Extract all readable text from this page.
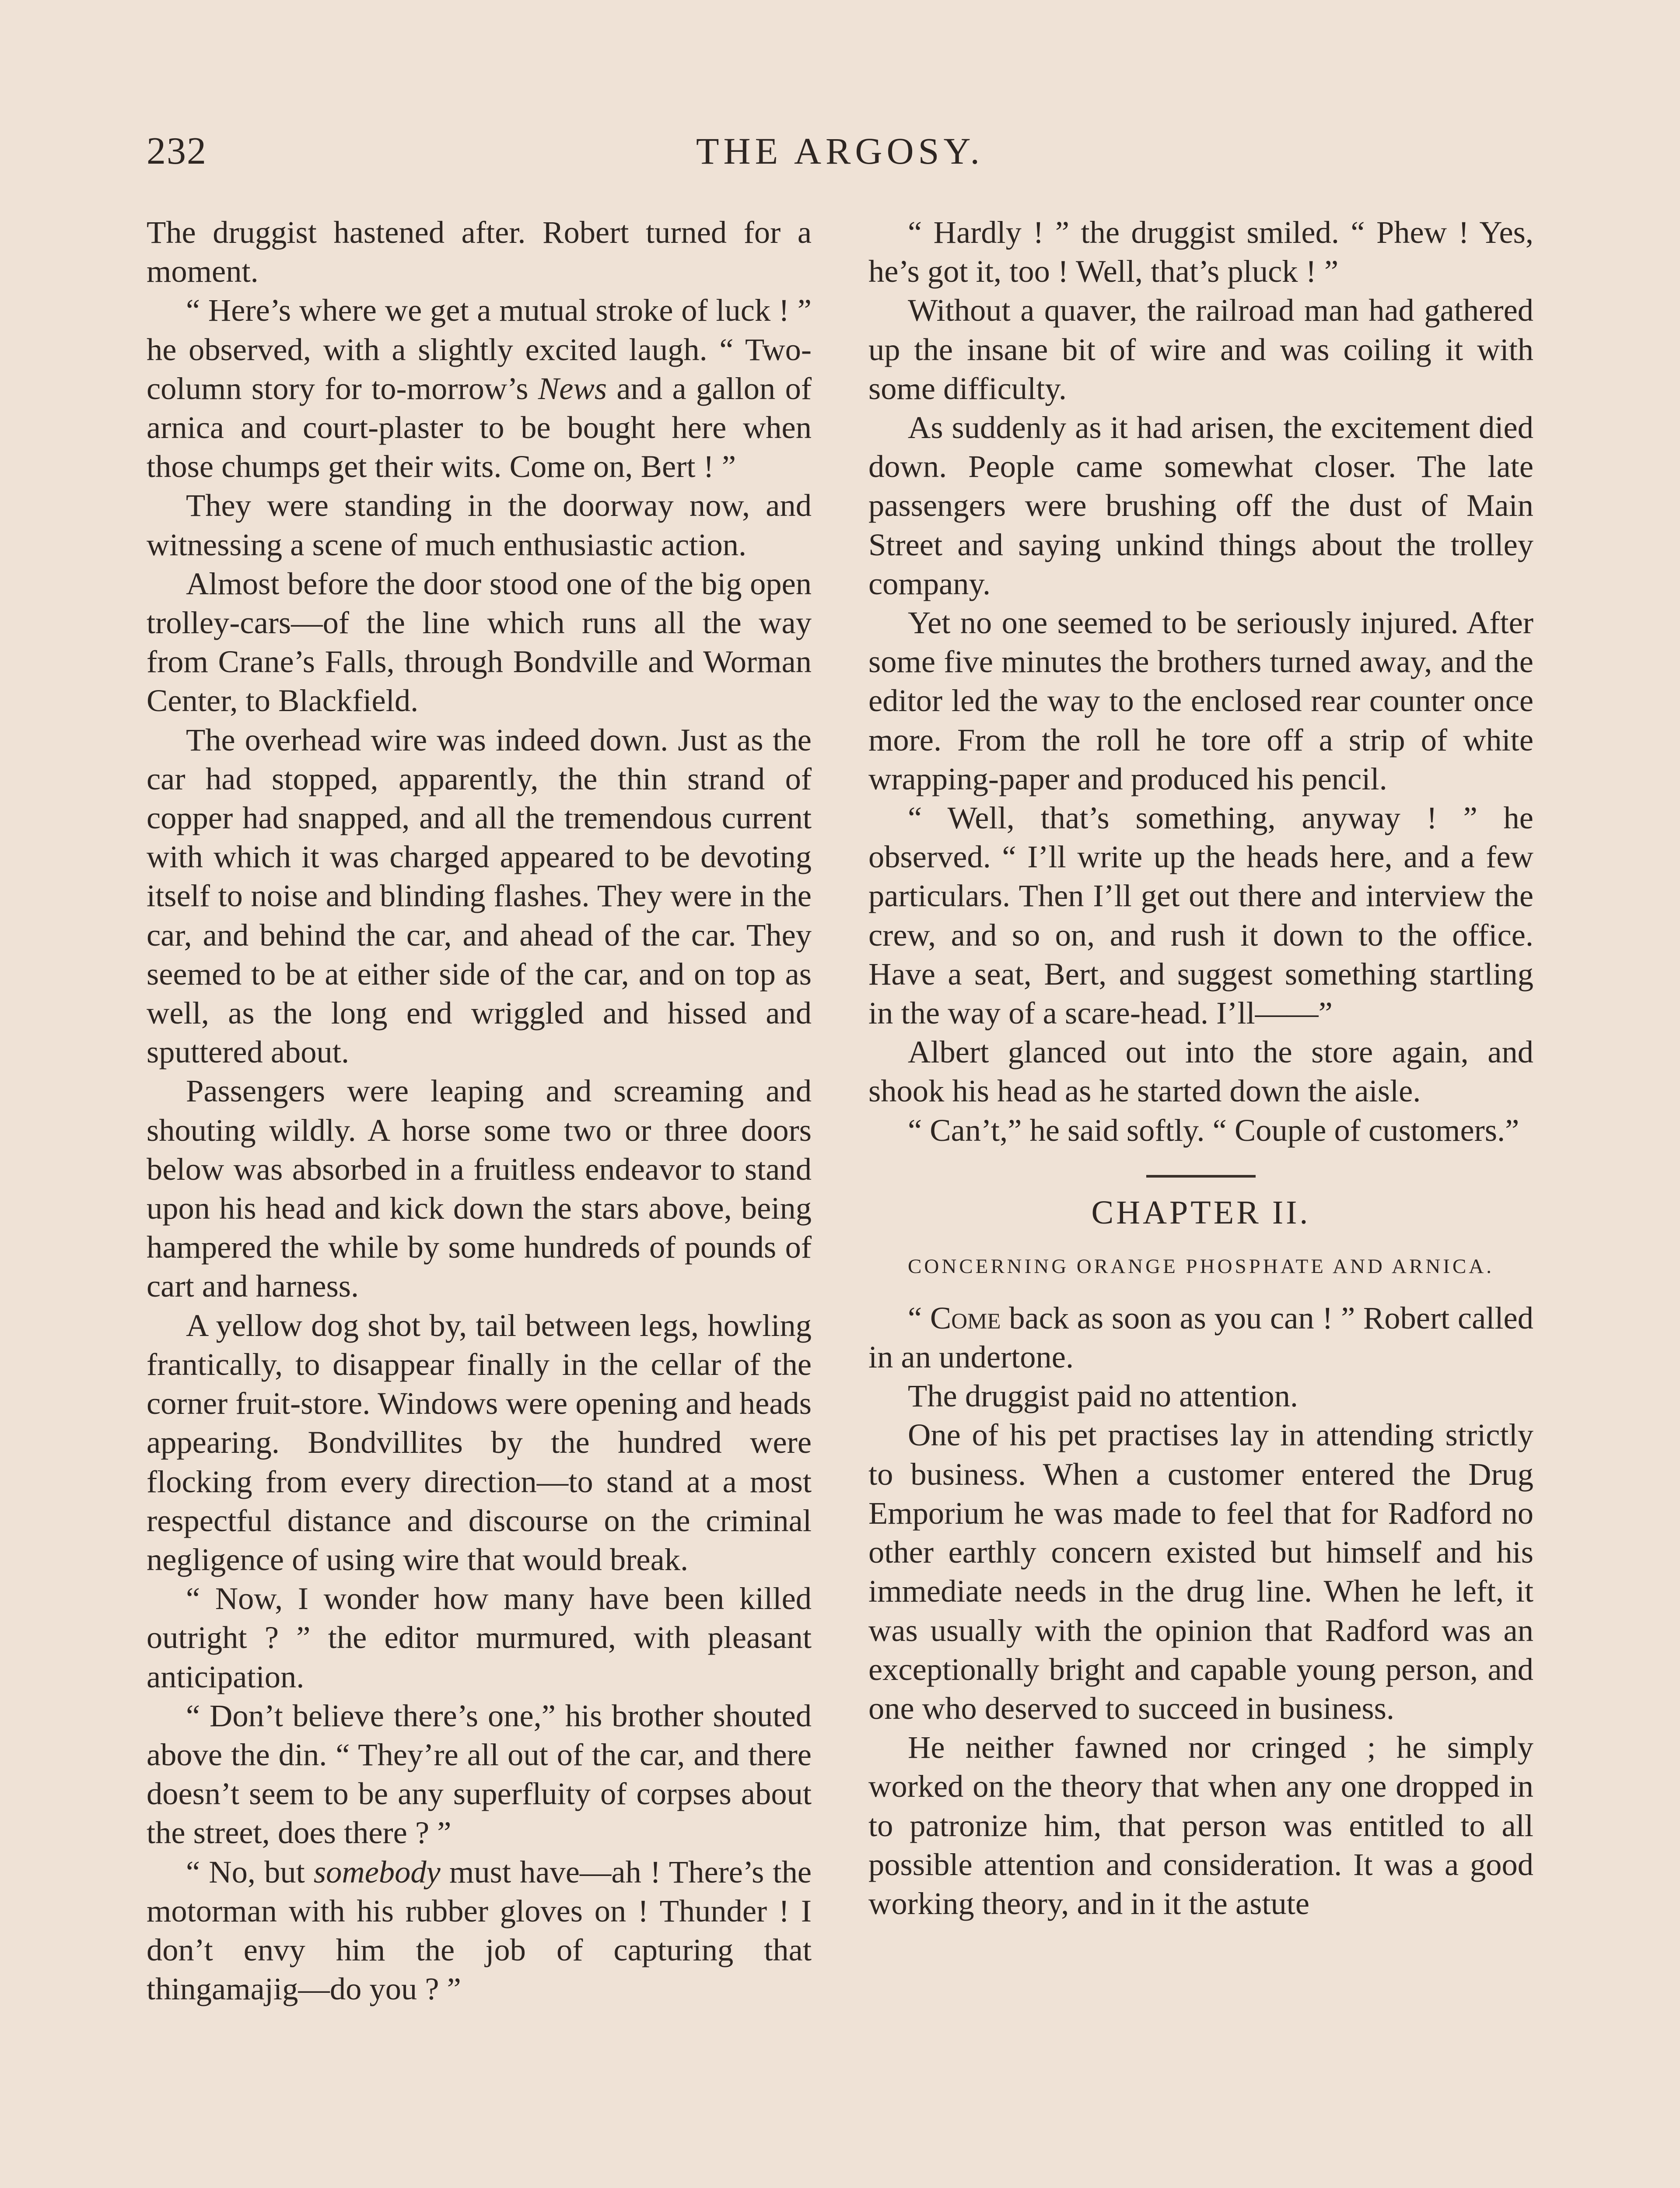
232	THE ARGOSY.

The druggist hastened after. Robert turned for a moment.

“ Here’s where we get a mutual stroke of luck ! ” he observed, with a slightly excited laugh. “ Two-column story for to-morrow’s News and a gallon of arnica and court-plaster to be bought here when those chumps get their wits. Come on, Bert ! ”

They were standing in the doorway now, and witnessing a scene of much enthusiastic action.

Almost before the door stood one of the big open trolley-cars—of the line which runs all the way from Crane’s Falls, through Bondville and Worman Center, to Blackfield.

The overhead wire was indeed down. Just as the car had stopped, apparently, the thin strand of copper had snapped, and all the tremendous current with which it was charged appeared to be devoting itself to noise and blinding flashes. They were in the car, and behind the car, and ahead of the car. They seemed to be at either side of the car, and on top as well, as the long end wriggled and hissed and sputtered about.

Passengers were leaping and screaming and shouting wildly. A horse some two or three doors below was absorbed in a fruitless endeavor to stand upon his head and kick down the stars above, being hampered the while by some hundreds of pounds of cart and harness.

A yellow dog shot by, tail between legs, howling frantically, to disappear finally in the cellar of the corner fruit-store. Windows were opening and heads appearing. Bondvillites by the hundred were flocking from every direction—to stand at a most respectful distance and discourse on the criminal negligence of using wire that would break.

“ Now, I wonder how many have been killed outright ? ” the editor murmured, with pleasant anticipation.

“ Don’t believe there’s one,” his brother shouted above the din. “ They’re all out of the car, and there doesn’t seem to be any superfluity of corpses about the street, does there ? ”

“ No, but somebody must have—ah ! There’s the motorman with his rubber gloves on ! Thunder ! I don’t envy him the job of capturing that thingamajig—do you ? ”

“ Hardly ! ” the druggist smiled. “ Phew ! Yes, he’s got it, too ! Well, that’s pluck ! ”

Without a quaver, the railroad man had gathered up the insane bit of wire and was coiling it with some difficulty.

As suddenly as it had arisen, the excitement died down. People came somewhat closer. The late passengers were brushing off the dust of Main Street and saying unkind things about the trolley company.

Yet no one seemed to be seriously injured. After some five minutes the brothers turned away, and the editor led the way to the enclosed rear counter once more. From the roll he tore off a strip of white wrapping-paper and produced his pencil.

“ Well, that’s something, anyway ! ” he observed. “ I’ll write up the heads here, and a few particulars. Then I’ll get out there and interview the crew, and so on, and rush it down to the office. Have a seat, Bert, and suggest something startling in the way of a scare-head. I’ll——”

Albert glanced out into the store again, and shook his head as he started down the aisle.

“ Can’t,” he said softly. “ Couple of customers.”

CHAPTER II.
CONCERNING ORANGE PHOSPHATE AND ARNICA.

“ Come back as soon as you can ! ” Robert called in an undertone.

The druggist paid no attention.

One of his pet practises lay in attending strictly to business. When a customer entered the Drug Emporium he was made to feel that for Radford no other earthly concern existed but himself and his immediate needs in the drug line. When he left, it was usually with the opinion that Radford was an exceptionally bright and capable young person, and one who deserved to succeed in business.

He neither fawned nor cringed ; he simply worked on the theory that when any one dropped in to patronize him, that person was entitled to all possible attention and consideration. It was a good working theory, and in it the astute
